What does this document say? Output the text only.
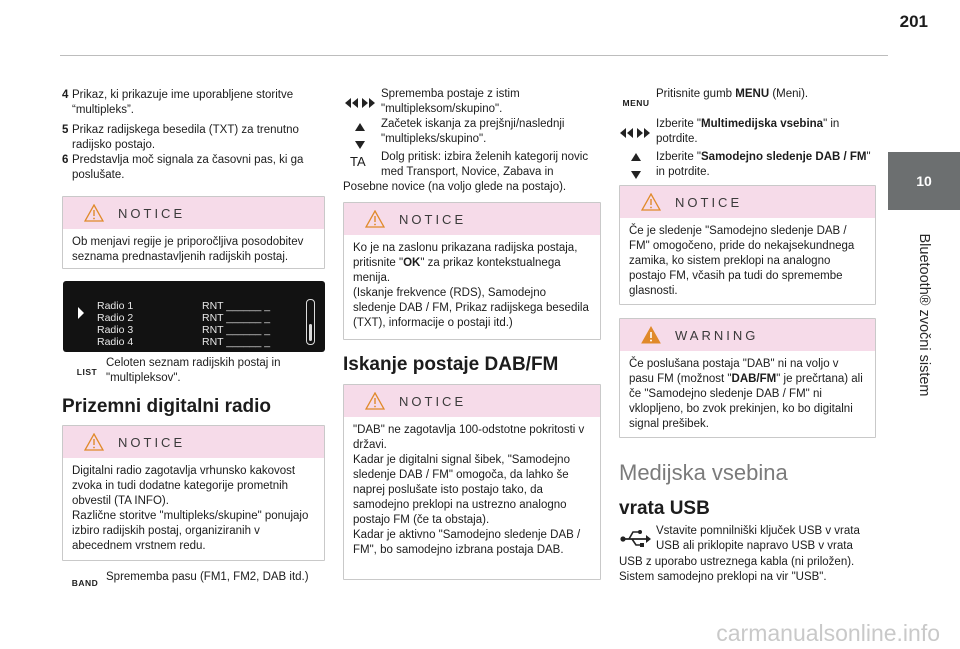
201
10
Bluetooth® zvočni sistem
4 Prikaz, ki prikazuje ime uporabljene storitve “multipleks”.
5 Prikaz radijskega besedila (TXT) za trenutno radijsko postajo.
6 Predstavlja moč signala za časovni pas, ki ga poslušate.
NOTICE
Ob menjavi regije je priporočljiva posodobitev seznama prednastavljenih radijskih postaj.
Radio 1
Radio 2
Radio 3
Radio 4
RNT ______ _
RNT ______ _
RNT ______ _
RNT ______ _
LIST
Celoten seznam radijskih postaj in "multipleksov".
Prizemni digitalni radio
NOTICE
Digitalni radio zagotavlja vrhunsko kakovost zvoka in tudi dodatne kategorije prometnih obvestil (TA INFO).
Različne storitve "multipleks/skupine" ponujajo izbiro radijskih postaj, organiziranih v abecednem vrstnem redu.
BAND Sprememba pasu (FM1, FM2, DAB itd.)
Sprememba postaje z istim "multipleksom/skupino".
Začetek iskanja za prejšnji/naslednji "multipleks/skupino".
TA Dolg pritisk: izbira želenih kategorij novic med Transport, Novice, Zabava in
Posebne novice (na voljo glede na postajo).
NOTICE
Ko je na zaslonu prikazana radijska postaja, pritisnite "OK" za prikaz kontekstualnega menija.
(Iskanje frekvence (RDS), Samodejno sledenje DAB / FM, Prikaz radijskega besedila (TXT), informacije o postaji itd.)
Iskanje postaje DAB/FM
NOTICE
"DAB" ne zagotavlja 100-odstotne pokritosti v državi.
Kadar je digitalni signal šibek, "Samodejno sledenje DAB / FM" omogoča, da lahko še naprej poslušate isto postajo tako, da samodejno preklopi na ustrezno analogno postajo FM (če ta obstaja).
Kadar je aktivno "Samodejno sledenje DAB / FM", bo samodejno izbrana postaja DAB.
MENU
Pritisnite gumb MENU (Meni).
Izberite "Multimedijska vsebina" in potrdite.
Izberite "Samodejno sledenje DAB / FM" in potrdite.
NOTICE
Če je sledenje "Samodejno sledenje DAB / FM" omogočeno, pride do nekajsekundnega zamika, ko sistem preklopi na analogno postajo FM, včasih pa tudi do spremembe glasnosti.
WARNING
Če poslušana postaja "DAB" ni na voljo v pasu FM (možnost "DAB/FM" je prečrtana) ali če "Samodejno sledenje DAB / FM" ni vklopljeno, bo zvok prekinjen, ko bo digitalni signal prešibek.
Medijska vsebina
vrata USB
Vstavite pomnilniški ključek USB v vrata USB ali priklopite napravo USB v vrata
USB z uporabo ustreznega kabla (ni priložen). Sistem samodejno preklopi na vir "USB".
carmanualsonline.info
